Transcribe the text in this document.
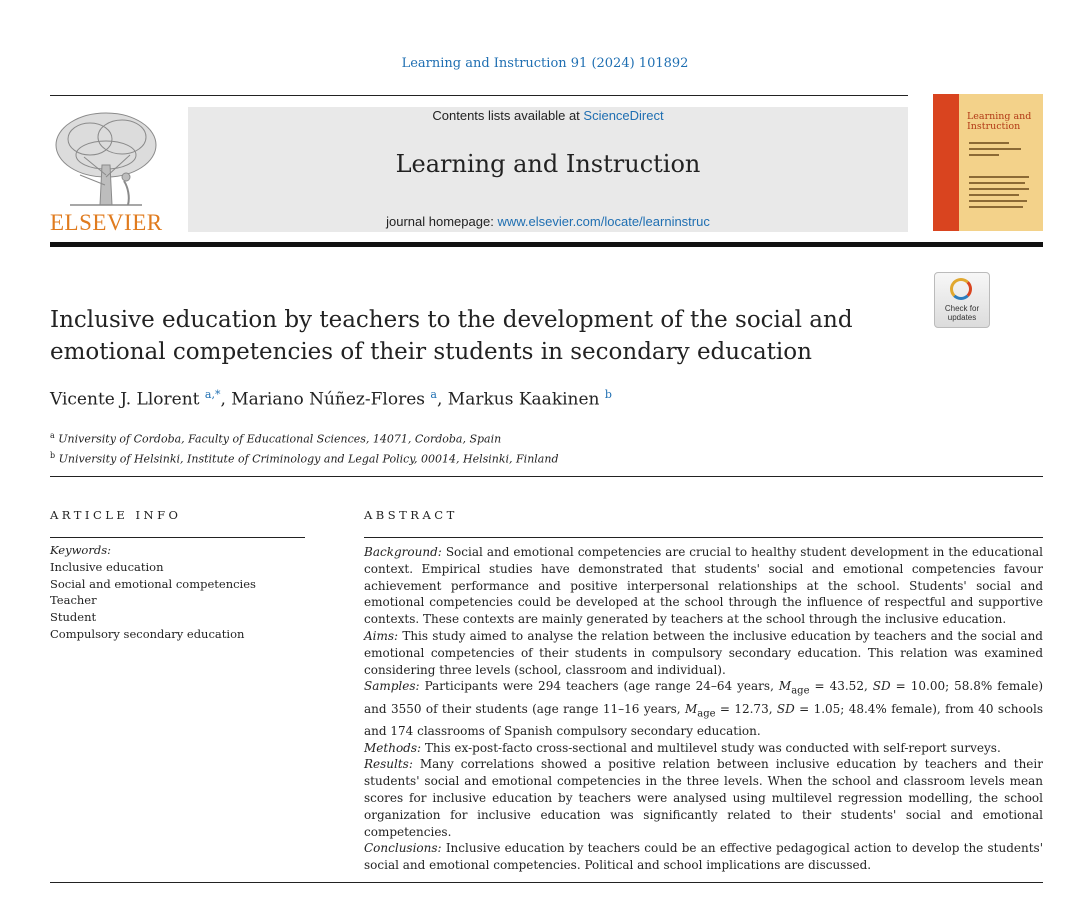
Learning and Instruction 91 (2024) 101892
ELSEVIER
Contents lists available at ScienceDirect
Learning and Instruction
journal homepage: www.elsevier.com/locate/learninstruc
Learning and Instruction
Check for updates
Inclusive education by teachers to the development of the social and emotional competencies of their students in secondary education
Vicente J. Llorent $^{a,*}$, Mariano Núñez-Flores $^a$, Markus Kaakinen $^b$
$^a$ University of Cordoba, Faculty of Educational Sciences, 14071, Cordoba, Spain
$^b$ University of Helsinki, Institute of Criminology and Legal Policy, 00014, Helsinki, Finland
ARTICLE INFO	ABSTRACT
Keywords:
Inclusive education
Social and emotional competencies
Teacher
Student
Compulsory secondary education

Background: Social and emotional competencies are crucial to healthy student development in the educational context. Empirical studies have demonstrated that students' social and emotional competencies favour achievement performance and positive interpersonal relationships at the school. Students' social and emotional competencies could be developed at the school through the influence of respectful and supportive contexts. These contexts are mainly generated by teachers at the school through the inclusive education.

Aims: This study aimed to analyse the relation between the inclusive education by teachers and the social and emotional competencies of their students in compulsory secondary education. This relation was examined considering three levels (school, classroom and individual).

Samples: Participants were 294 teachers (age range 24–64 years, $M_{age} = 43.52$, SD = 10.00; 58.8% female) and 3550 of their students (age range 11–16 years, $M_{age} = 12.73$, SD = 1.05; 48.4% female), from 40 schools and 174 classrooms of Spanish compulsory secondary education.

Methods: This ex-post-facto cross-sectional and multilevel study was conducted with self-report surveys.

Results: Many correlations showed a positive relation between inclusive education by teachers and their students' social and emotional competencies in the three levels. When the school and classroom levels mean scores for inclusive education by teachers were analysed using multilevel regression modelling, the school organization for inclusive education was significantly related to their students' social and emotional competencies.

Conclusions: Inclusive education by teachers could be an effective pedagogical action to develop the students' social and emotional competencies. Political and school implications are discussed.
